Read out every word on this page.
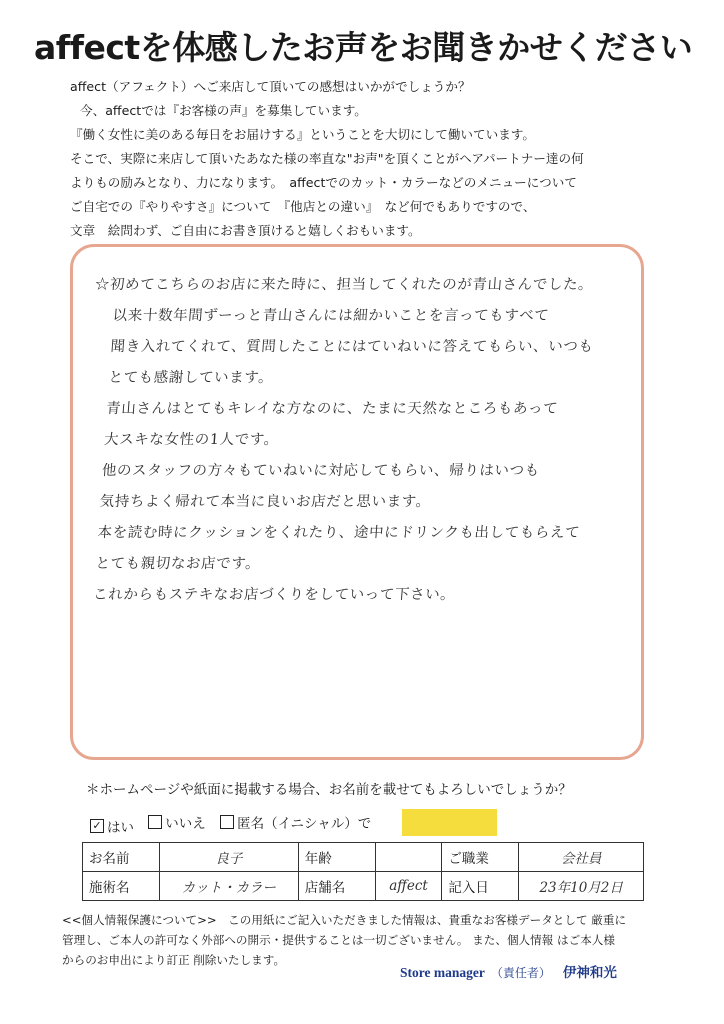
affectを体感したお声をお聞きかせください
affect（アフェクト）へご来店して頂いての感想はいかがでしょうか？
今、affectでは『お客様の声』を募集しています。
『働く女性に美のある毎日をお届けする』ということを大切にして働いています。
そこで、実際に来店して頂いたあなた様の率直な"お声"を頂くことがヘアパートナー達の何
よりもの励みとなり、力になります。　affectでのカット・カラーなどのメニューについて
ご自宅での『やりやすさ』について　『他店との違い』　など何でもありですので、
文章　絵問わず、ご自由にお書き頂けると嬉しくおもいます。
☆初めてこちらのお店に来た時に、担当してくれたのが青山さんでした。
以来十数年間ずーっと青山さんには細かいことを言ってもすべて
聞き入れてくれて、質問したことにはていねいに答えてもらい、いつも
とても感謝しています。
青山さんはとてもキレイな方なのに、たまに天然なところもあって
大スキな女性の1人です。
他のスタッフの方々もていねいに対応してもらい、帰りはいつも
気持ちよく帰れて本当に良いお店だと思います。
本を読む時にクッションをくれたり、途中にドリンクも出してもらえて
とても親切なお店です。
これからもステキなお店づくりをしていって下さい。
＊ホームページや紙面に掲載する場合、お名前を載せてもよろしいでしょうか？
✓ はい
いいえ
匿名（イニシャル）で
お名前	良子	年齢		ご職業	会社員
施術名	カット・カラー	店舗名	affect	記入日	23年10月2日
<<個人情報保護について>>　この用紙にご記入いただきました情報は、貴重なお客様データとして 厳重に
管理し、ご本人の許可なく外部への開示・提供することは一切ございません。 また、個人情報 はご本人様
からのお申出により訂正 削除いたします。
Store manager （責任者） 伊神和光
